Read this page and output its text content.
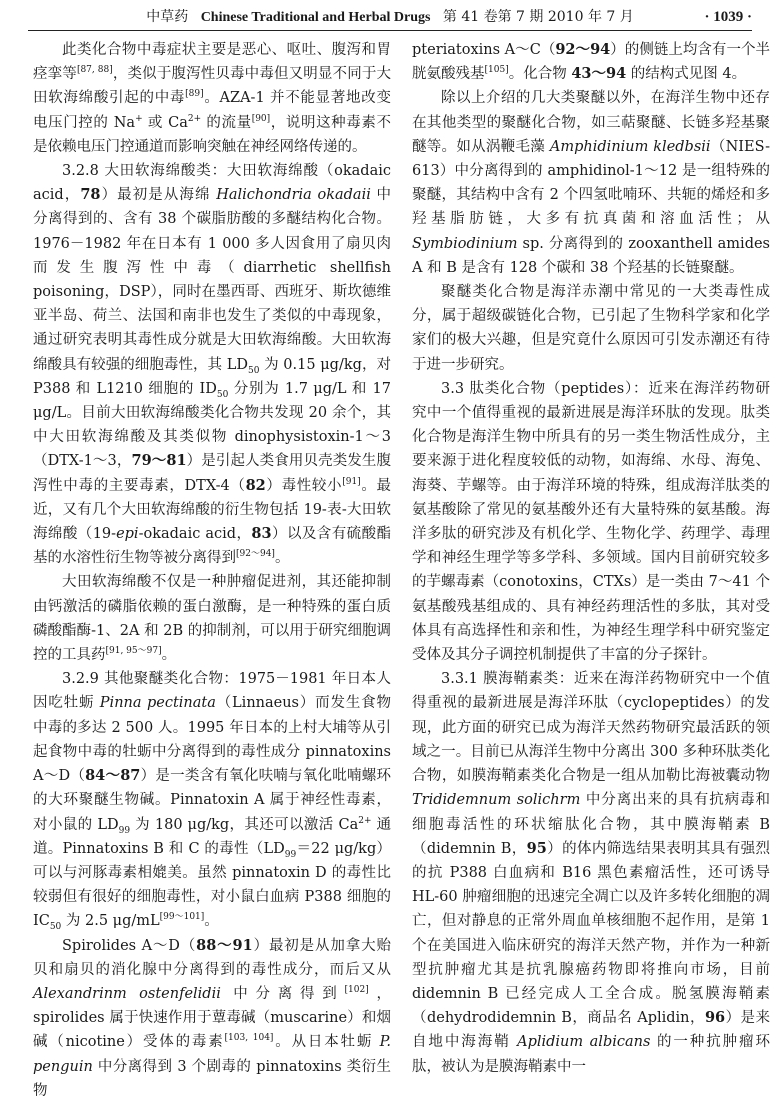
中草药 Chinese Traditional and Herbal Drugs 第 41 卷第 7 期 2010 年 7 月	· 1039 ·

此类化合物中毒症状主要是恶心、呕吐、腹泻和胃痉挛等[87, 88]，类似于腹泻性贝毒中毒但又明显不同于大田软海绵酸引起的中毒[89]。AZA-1 并不能显著地改变电压门控的 Na+ 或 $Ca^{2+}$ 的流量[90]，说明这种毒素不是依赖电压门控通道而影响突触在神经网络传递的。

3.2.8 大田软海绵酸类：大田软海绵酸（okadaic acid，78）最初是从海绵 Halichondria okadaii 中分离得到的、含有 38 个碳脂肪酸的多醚结构化合物。1976－1982 年在日本有 1 000 多人因食用了扇贝肉而发生腹泻性中毒（diarrhetic shellfish poisoning，DSP），同时在墨西哥、西班牙、斯坎德维亚半岛、荷兰、法国和南非也发生了类似的中毒现象，通过研究表明其毒性成分就是大田软海绵酸。大田软海绵酸具有较强的细胞毒性，其 $LD_{50}$ 为 0.15 μg/kg，对 P388 和 L1210 细胞的 $ID_{50}$ 分别为 1.7 μg/L 和 17 μg/L。目前大田软海绵酸类化合物共发现 20 余个，其中大田软海绵酸及其类似物 dinophysistoxin-1～3（DTX-1～3，79～81）是引起人类食用贝壳类发生腹泻性中毒的主要毒素，DTX-4（82）毒性较小[91]。最近，又有几个大田软海绵酸的衍生物包括 19-表-大田软海绵酸（19-epi-okadaic acid，83）以及含有硫酸酯基的水溶性衍生物等被分离得到[92～94]。

大田软海绵酸不仅是一种肿瘤促进剂，其还能抑制由钙激活的磷脂依赖的蛋白激酶，是一种特殊的蛋白质磷酸酯酶-1、2A 和 2B 的抑制剂，可以用于研究细胞调控的工具药[91, 95～97]。

3.2.9 其他聚醚类化合物：1975－1981 年日本人因吃牡蛎 Pinna pectinata（Linnaeus）而发生食物中毒的多达 2 500 人。1995 年日本的上村大埔等从引起食物中毒的牡蛎中分离得到的毒性成分 pinnatoxins A～D（84～87）是一类含有氧化呋喃与氧化吡喃螺环的大环聚醚生物碱。Pinnatoxin A 属于神经性毒素，对小鼠的 $LD_{99}$ 为 180 μg/kg，其还可以激活 $Ca^{2+}$ 通道。Pinnatoxins B 和 C 的毒性（$LD_{99}=22$ μg/kg）可以与河豚毒素相媲美。虽然 pinnatoxin D 的毒性比较弱但有很好的细胞毒性，对小鼠白血病 P388 细胞的 $IC_{50}$ 为 2.5 μg/mL[99～101]。

Spirolides A～D（88～91）最初是从加拿大贻贝和扇贝的消化腺中分离得到的毒性成分，而后又从 Alexandrinm ostenfelidii 中分离得到[102]，spirolides 属于快速作用于蕈毒碱（muscarine）和烟碱（nicotine）受体的毒素[103, 104]。从日本牡蛎 P. penguin 中分离得到 3 个剧毒的 pinnatoxins 类衍生物

pteriatoxins A～C（92～94）的侧链上均含有一个半胱氨酸残基[105]。化合物 43～94 的结构式见图 4。

除以上介绍的几大类聚醚以外，在海洋生物中还存在其他类型的聚醚化合物，如三萜聚醚、长链多羟基聚醚等。如从涡鞭毛藻 Amphidinium kledbsii（NIES-613）中分离得到的 amphidinol-1～12 是一组特殊的聚醚，其结构中含有 2 个四氢吡喃环、共轭的烯烃和多羟基脂肪链，大多有抗真菌和溶血活性；从 Symbiodinium sp. 分离得到的 zooxanthell amides A 和 B 是含有 128 个碳和 38 个羟基的长链聚醚。

聚醚类化合物是海洋赤潮中常见的一大类毒性成分，属于超级碳链化合物，已引起了生物科学家和化学家们的极大兴趣，但是究竟什么原因可引发赤潮还有待于进一步研究。

3.3 肽类化合物（peptides）：近来在海洋药物研究中一个值得重视的最新进展是海洋环肽的发现。肽类化合物是海洋生物中所具有的另一类生物活性成分，主要来源于进化程度较低的动物，如海绵、水母、海兔、海葵、芋螺等。由于海洋环境的特殊，组成海洋肽类的氨基酸除了常见的氨基酸外还有大量特殊的氨基酸。海洋多肽的研究涉及有机化学、生物化学、药理学、毒理学和神经生理学等多学科、多领域。国内目前研究较多的芋螺毒素（conotoxins，CTXs）是一类由 7～41 个氨基酸残基组成的、具有神经药理活性的多肽，其对受体具有高选择性和亲和性，为神经生理学科中研究鉴定受体及其分子调控机制提供了丰富的分子探针。

3.3.1 膜海鞘素类：近来在海洋药物研究中一个值得重视的最新进展是海洋环肽（cyclopeptides）的发现，此方面的研究已成为海洋天然药物研究最活跃的领域之一。目前已从海洋生物中分离出 300 多种环肽类化合物，如膜海鞘素类化合物是一组从加勒比海被囊动物 Trididemnum solichrm 中分离出来的具有抗病毒和细胞毒活性的环状缩肽化合物，其中膜海鞘素 B（didemnin B，95）的体内筛选结果表明其具有强烈的抗 P388 白血病和 B16 黑色素瘤活性，还可诱导 HL-60 肿瘤细胞的迅速完全凋亡以及许多转化细胞的凋亡，但对静息的正常外周血单核细胞不起作用，是第 1 个在美国进入临床研究的海洋天然产物，并作为一种新型抗肿瘤尤其是抗乳腺癌药物即将推向市场，目前 didemnin B 已经完成人工全合成。脱氢膜海鞘素（dehydrodidemnin B，商品名 Aplidin，96）是来自地中海海鞘 Aplidium albicans 的一种抗肿瘤环肽，被认为是膜海鞘素中一
